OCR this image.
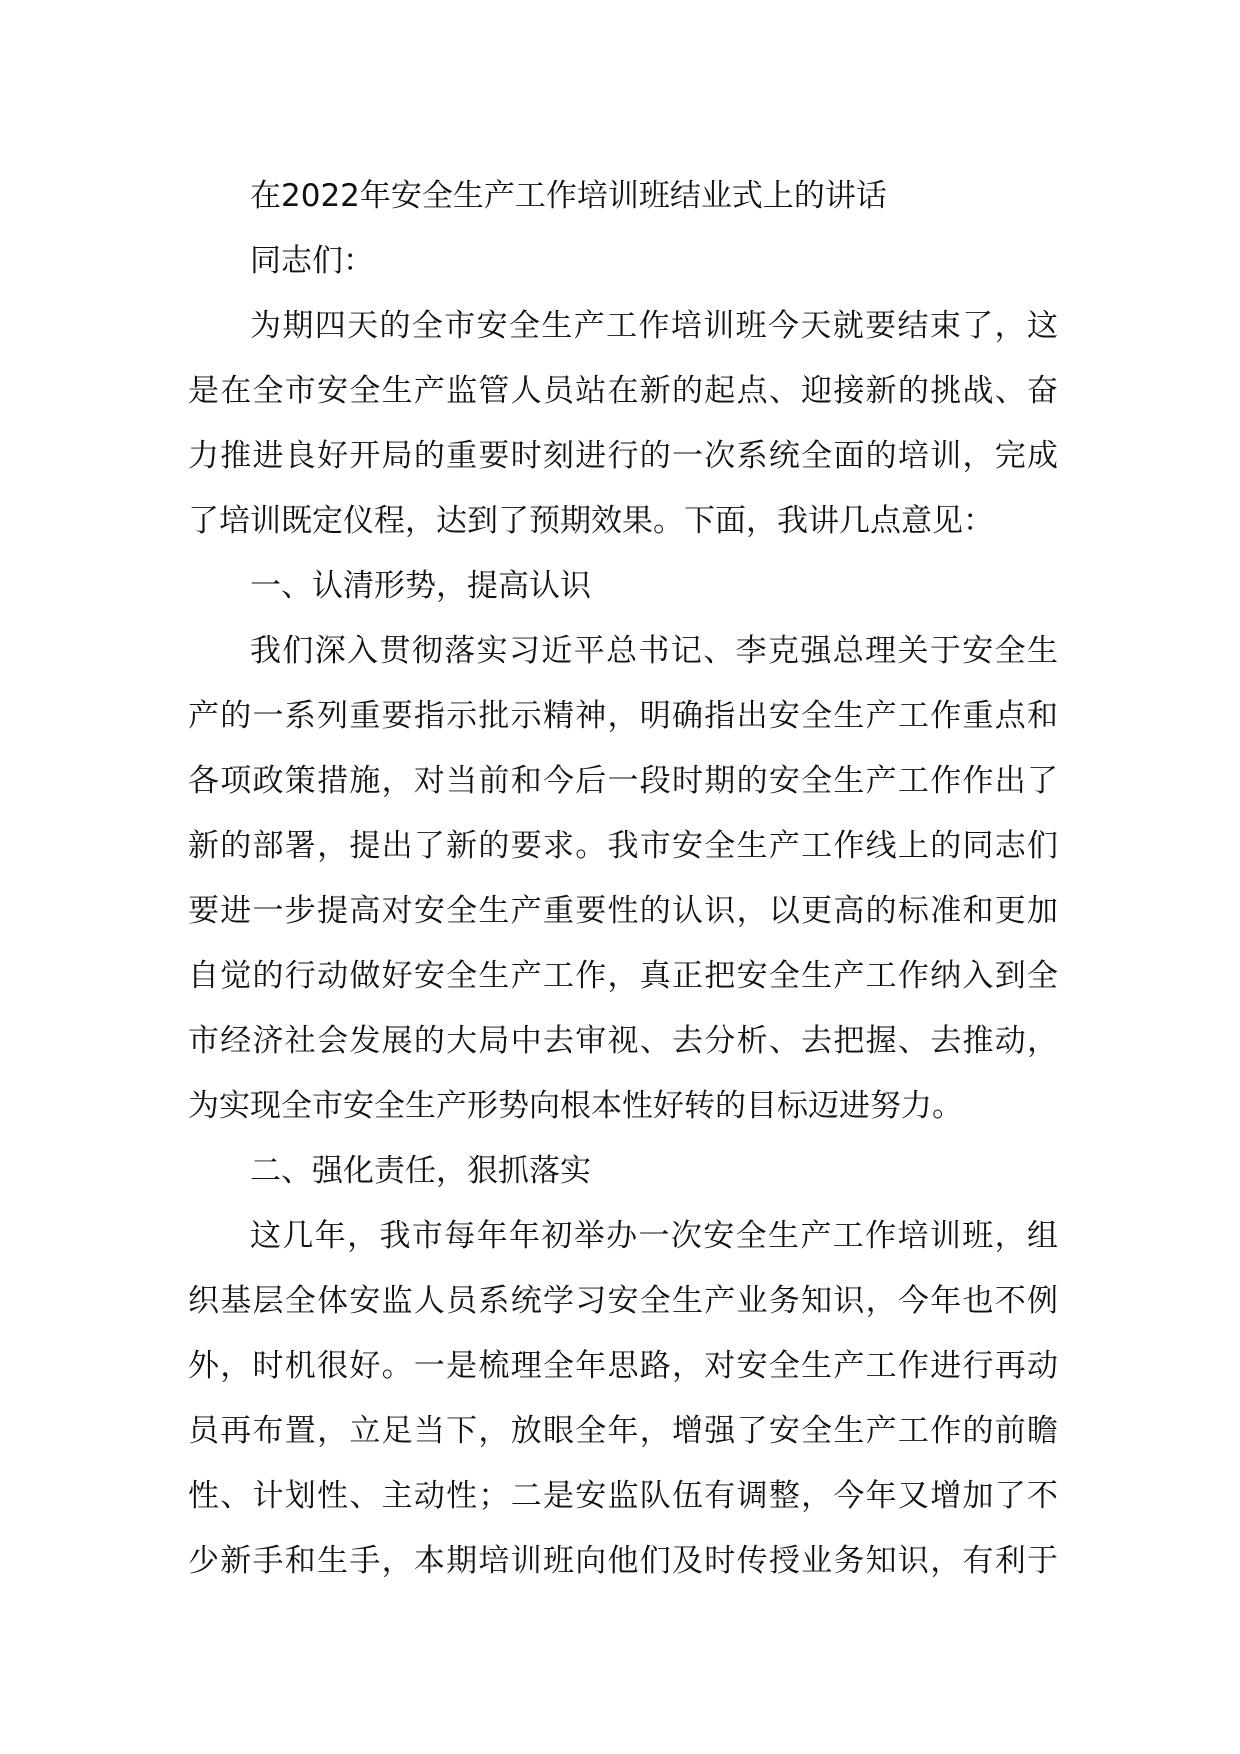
在2022年安全生产工作培训班结业式上的讲话
同志们：
为期四天的全市安全生产工作培训班今天就要结束了，这
是在全市安全生产监管人员站在新的起点、迎接新的挑战、奋
力推进良好开局的重要时刻进行的一次系统全面的培训，完成
了培训既定仪程，达到了预期效果。下面，我讲几点意见：
一、认清形势，提高认识
我们深入贯彻落实习近平总书记、李克强总理关于安全生
产的一系列重要指示批示精神，明确指出安全生产工作重点和
各项政策措施，对当前和今后一段时期的安全生产工作作出了
新的部署，提出了新的要求。我市安全生产工作线上的同志们
要进一步提高对安全生产重要性的认识，以更高的标准和更加
自觉的行动做好安全生产工作，真正把安全生产工作纳入到全
市经济社会发展的大局中去审视、去分析、去把握、去推动，
为实现全市安全生产形势向根本性好转的目标迈进努力。
二、强化责任，狠抓落实
这几年，我市每年年初举办一次安全生产工作培训班，组
织基层全体安监人员系统学习安全生产业务知识，今年也不例
外，时机很好。一是梳理全年思路，对安全生产工作进行再动
员再布置，立足当下，放眼全年，增强了安全生产工作的前瞻
性、计划性、主动性；二是安监队伍有调整，今年又增加了不
少新手和生手，本期培训班向他们及时传授业务知识，有利于
